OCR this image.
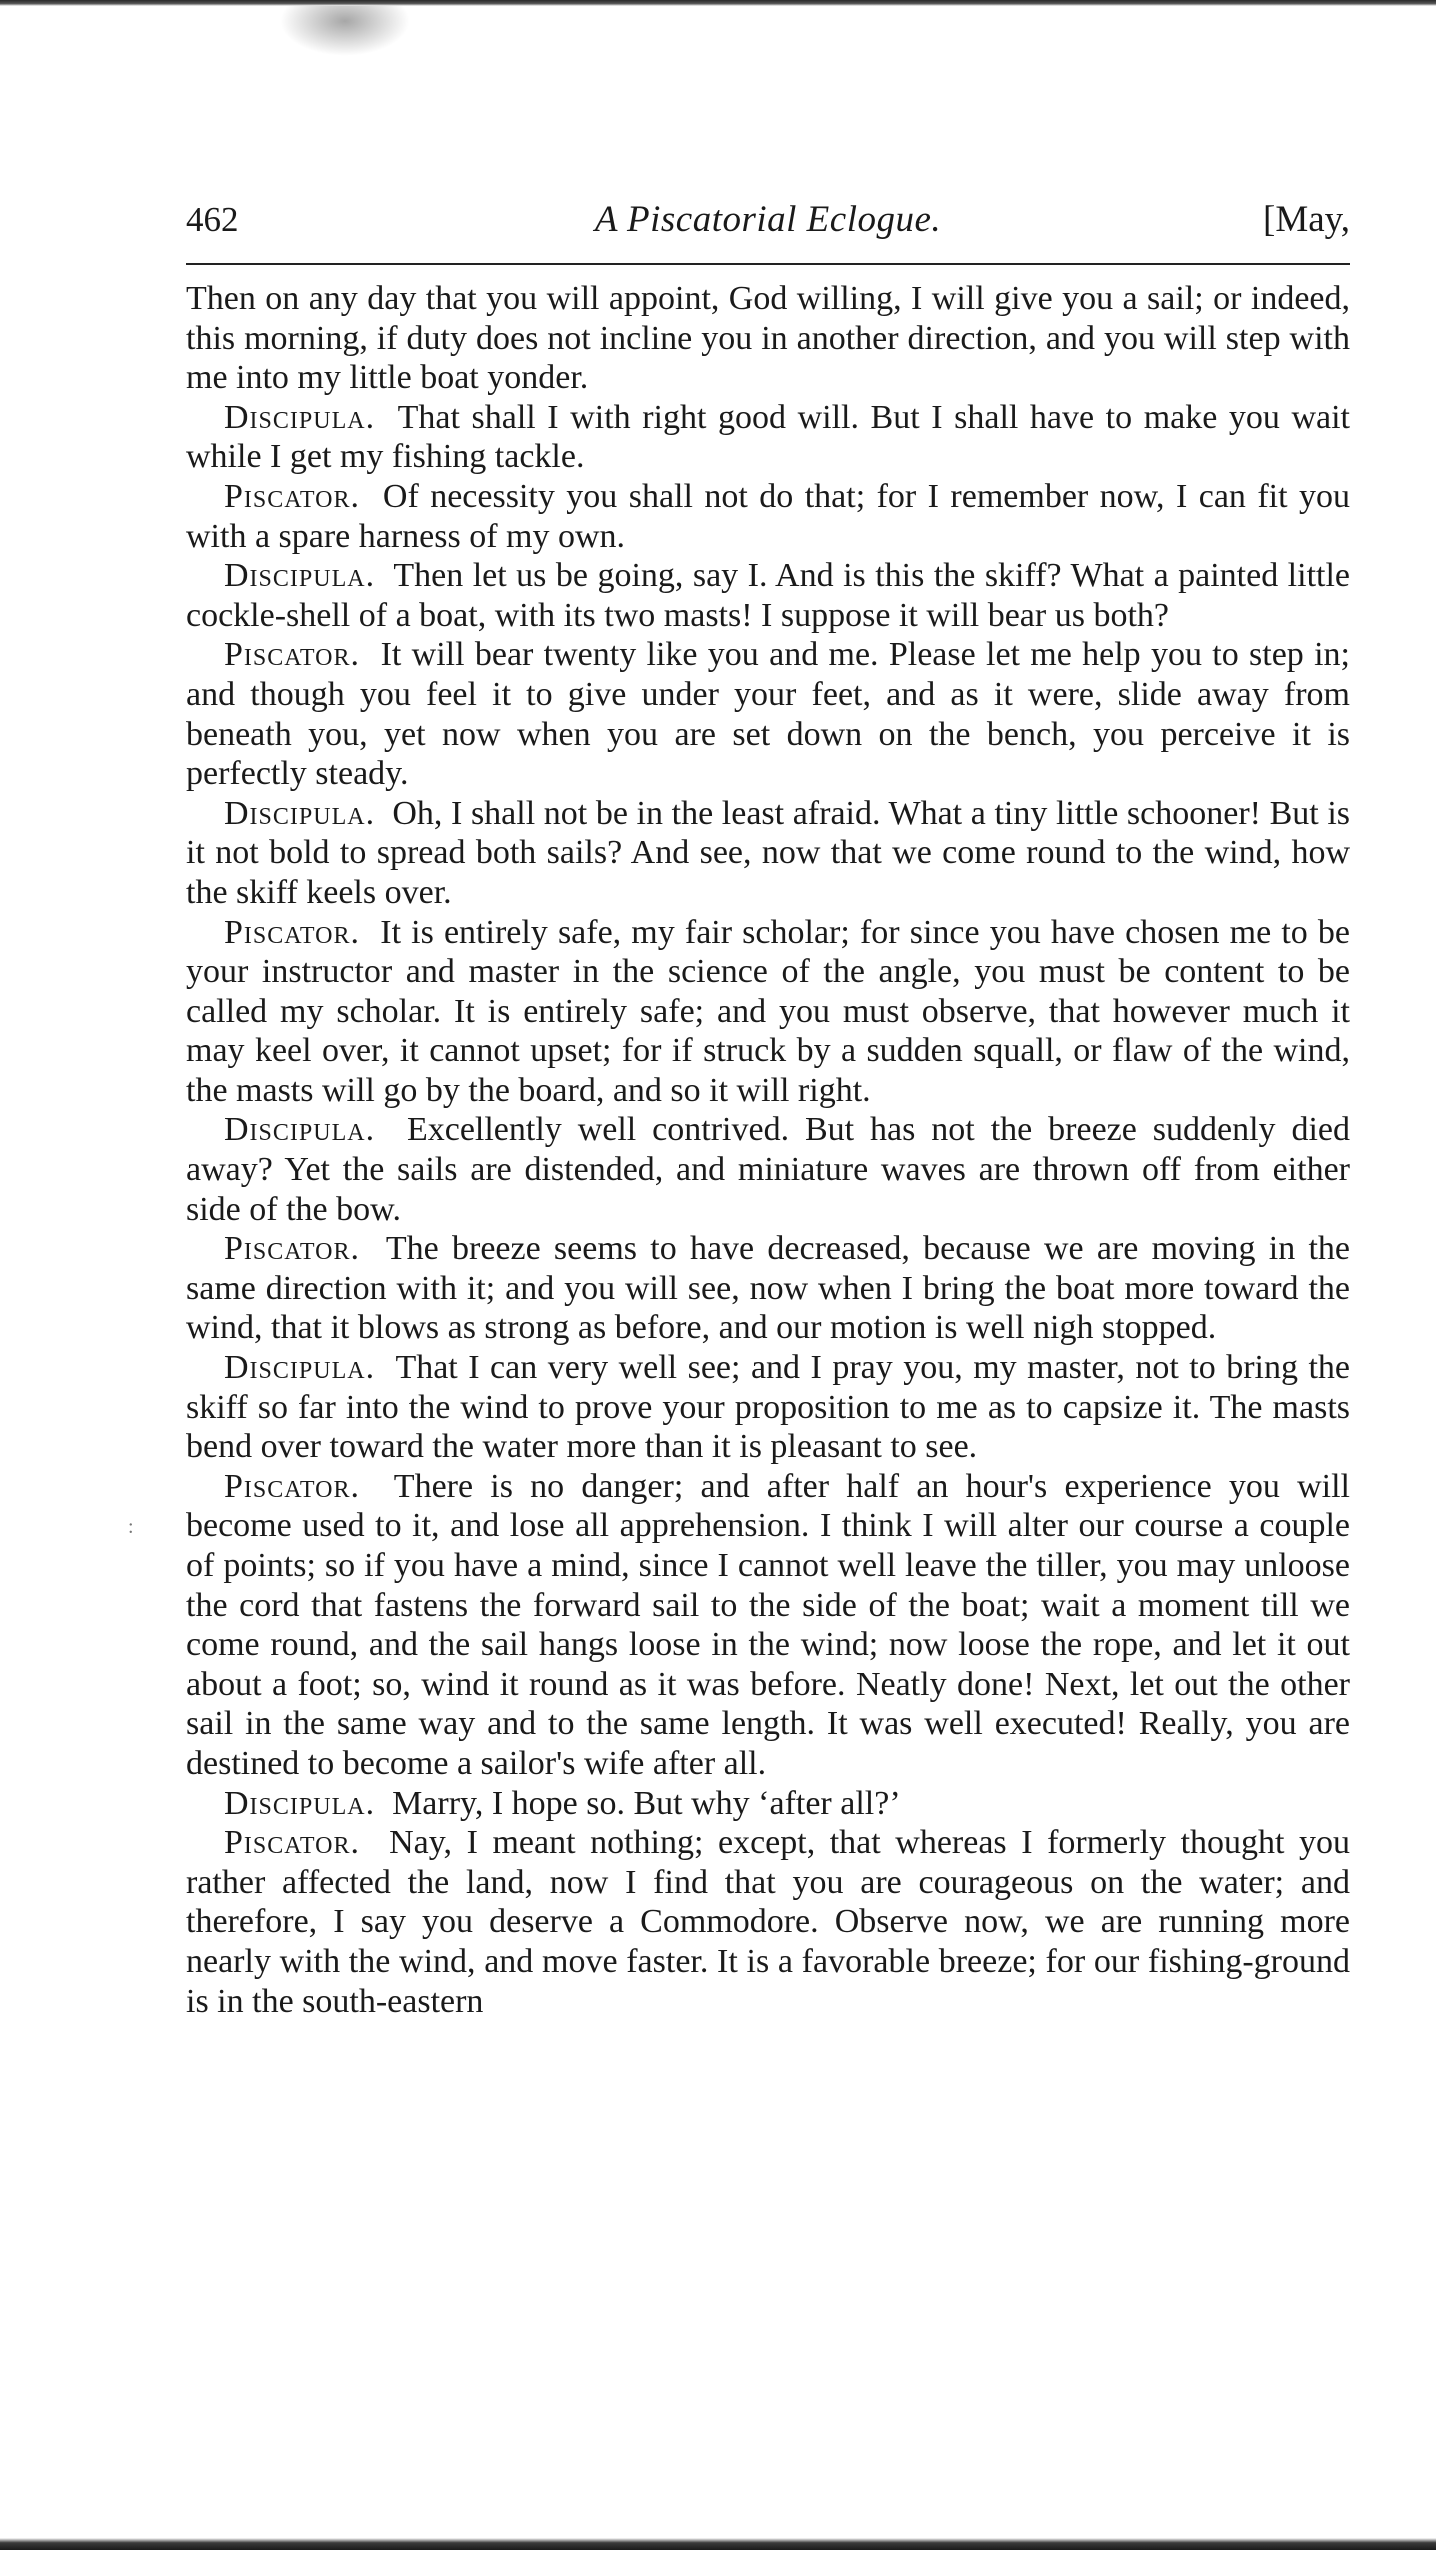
462	A Piscatorial Eclogue.	[May,

Then on any day that you will appoint, God willing, I will give you a sail; or indeed, this morning, if duty does not incline you in another direction, and you will step with me into my little boat yonder.

Discipula. That shall I with right good will. But I shall have to make you wait while I get my fishing tackle.

Piscator. Of necessity you shall not do that; for I remember now, I can fit you with a spare harness of my own.

Discipula. Then let us be going, say I. And is this the skiff? What a painted little cockle-shell of a boat, with its two masts! I suppose it will bear us both?

Piscator. It will bear twenty like you and me. Please let me help you to step in; and though you feel it to give under your feet, and as it were, slide away from beneath you, yet now when you are set down on the bench, you perceive it is perfectly steady.

Discipula. Oh, I shall not be in the least afraid. What a tiny little schooner! But is it not bold to spread both sails? And see, now that we come round to the wind, how the skiff keels over.

Piscator. It is entirely safe, my fair scholar; for since you have chosen me to be your instructor and master in the science of the angle, you must be content to be called my scholar. It is entirely safe; and you must observe, that however much it may keel over, it cannot upset; for if struck by a sudden squall, or flaw of the wind, the masts will go by the board, and so it will right.

Discipula. Excellently well contrived. But has not the breeze suddenly died away? Yet the sails are distended, and miniature waves are thrown off from either side of the bow.

Piscator. The breeze seems to have decreased, because we are moving in the same direction with it; and you will see, now when I bring the boat more toward the wind, that it blows as strong as before, and our motion is well nigh stopped.

Discipula. That I can very well see; and I pray you, my master, not to bring the skiff so far into the wind to prove your proposition to me as to capsize it. The masts bend over toward the water more than it is pleasant to see.

Piscator. There is no danger; and after half an hour's experience you will become used to it, and lose all apprehension. I think I will alter our course a couple of points; so if you have a mind, since I cannot well leave the tiller, you may unloose the cord that fastens the forward sail to the side of the boat; wait a moment till we come round, and the sail hangs loose in the wind; now loose the rope, and let it out about a foot; so, wind it round as it was before. Neatly done! Next, let out the other sail in the same way and to the same length. It was well executed! Really, you are destined to become a sailor's wife after all.

Discipula. Marry, I hope so. But why ‘after all?’

Piscator. Nay, I meant nothing; except, that whereas I formerly thought you rather affected the land, now I find that you are courageous on the water; and therefore, I say you deserve a Commodore. Observe now, we are running more nearly with the wind, and move faster. It is a favorable breeze; for our fishing-ground is in the south-eastern

:
